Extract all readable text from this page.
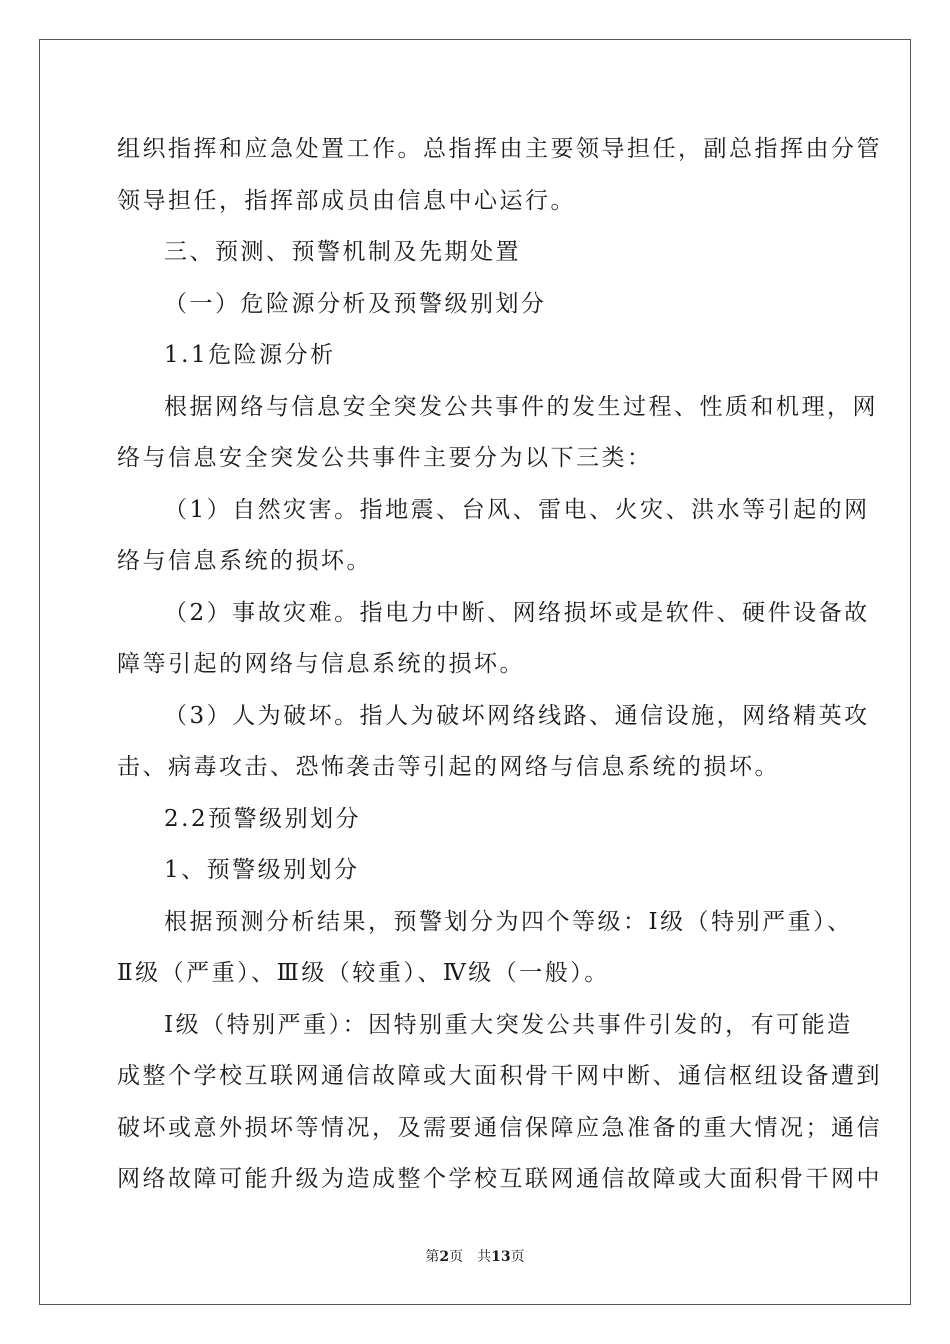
组织指挥和应急处置工作。总指挥由主要领导担任，副总指挥由分管
领导担任，指挥部成员由信息中心运行。
三、预测、预警机制及先期处置
（一）危险源分析及预警级别划分
1.1危险源分析
根据网络与信息安全突发公共事件的发生过程、性质和机理，网
络与信息安全突发公共事件主要分为以下三类：
（1）自然灾害。指地震、台风、雷电、火灾、洪水等引起的网
络与信息系统的损坏。
（2）事故灾难。指电力中断、网络损坏或是软件、硬件设备故
障等引起的网络与信息系统的损坏。
（3）人为破坏。指人为破坏网络线路、通信设施，网络精英攻
击、病毒攻击、恐怖袭击等引起的网络与信息系统的损坏。
2.2预警级别划分
1、预警级别划分
根据预测分析结果，预警划分为四个等级：Ⅰ级（特别严重）、
Ⅱ级（严重）、Ⅲ级（较重）、Ⅳ级（一般）。
Ⅰ级（特别严重）：因特别重大突发公共事件引发的，有可能造
成整个学校互联网通信故障或大面积骨干网中断、通信枢纽设备遭到
破坏或意外损坏等情况，及需要通信保障应急准备的重大情况；通信
网络故障可能升级为造成整个学校互联网通信故障或大面积骨干网中
第2页 共13页
